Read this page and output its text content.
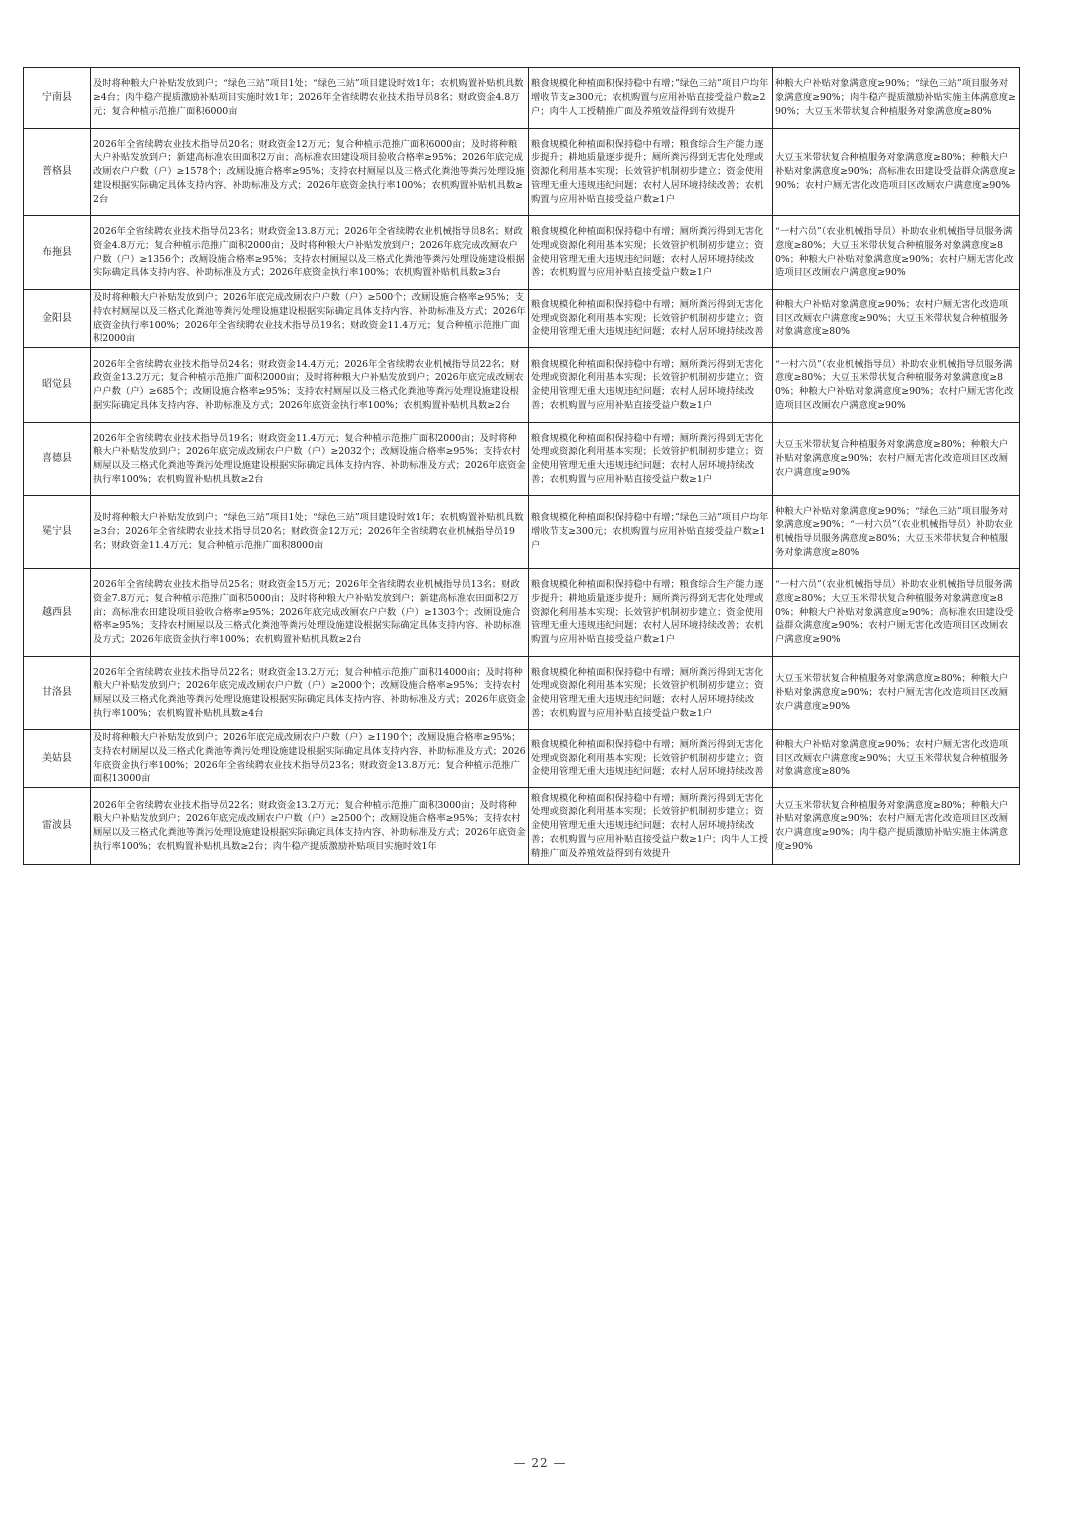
宁南县	及时将种粮大户补贴发放到户；“绿色三站”项目1处；“绿色三站”项目建设时效1年；农机购置补贴机具数≥4台；肉牛稳产提质激励补贴项目实施时效1年；2026年全省续聘农业技术指导员8名；财政资金4.8万元；复合种植示范推广面积6000亩	粮食规模化种植面积保持稳中有增；”绿色三站”项目户均年增收节支≥300元；农机购置与应用补贴直接受益户数≥2户；肉牛人工授精推广面及养殖效益得到有效提升	种粮大户补贴对象满意度≥90%；“绿色三站”项目服务对象满意度≥90%；肉牛稳产提质激励补贴实施主体满意度≥90%；大豆玉米带状复合种植服务对象满意度≥80%
普格县	2026年全省续聘农业技术指导员20名；财政资金12万元；复合种植示范推广面积6000亩；及时将种粮大户补贴发放到户；新建高标准农田面积2万亩；高标准农田建设项目验收合格率≥95%；2026年底完成改厕农户户数（户）≥1578个；改厕设施合格率≥95%；支持农村厕屋以及三格式化粪池等粪污处理设施建设根据实际确定具体支持内容、补助标准及方式；2026年底资金执行率100%；农机购置补贴机具数≥2台	粮食规模化种植面积保持稳中有增；粮食综合生产能力逐步提升；耕地质量逐步提升；厕所粪污得到无害化处理或资源化利用基本实现；长效管护机制初步建立；资金使用管理无重大违规违纪问题；农村人居环境持续改善；农机购置与应用补贴直接受益户数≥1户	大豆玉米带状复合种植服务对象满意度≥80%；种粮大户补贴对象满意度≥90%；高标准农田建设受益群众满意度≥90%；农村户厕无害化改造项目区改厕农户满意度≥90%
布拖县	2026年全省续聘农业技术指导员23名；财政资金13.8万元；2026年全省续聘农业机械指导员8名；财政资金4.8万元；复合种植示范推广面积2000亩；及时将种粮大户补贴发放到户；2026年底完成改厕农户户数（户）≥1356个；改厕设施合格率≥95%；支持农村厕屋以及三格式化粪池等粪污处理设施建设根据实际确定具体支持内容、补助标准及方式；2026年底资金执行率100%；农机购置补贴机具数≥3台	粮食规模化种植面积保持稳中有增；厕所粪污得到无害化处理或资源化利用基本实现；长效管护机制初步建立；资金使用管理无重大违规违纪问题；农村人居环境持续改善；农机购置与应用补贴直接受益户数≥1户	“一村六员”（农业机械指导员）补助农业机械指导员服务满意度≥80%；大豆玉米带状复合种植服务对象满意度≥80%；种粮大户补贴对象满意度≥90%；农村户厕无害化改造项目区改厕农户满意度≥90%
金阳县	及时将种粮大户补贴发放到户；2026年底完成改厕农户户数（户）≥500个；改厕设施合格率≥95%；支持农村厕屋以及三格式化粪池等粪污处理设施建设根据实际确定具体支持内容、补助标准及方式；2026年底资金执行率100%；2026年全省续聘农业技术指导员19名；财政资金11.4万元；复合种植示范推广面积2000亩	粮食规模化种植面积保持稳中有增；厕所粪污得到无害化处理或资源化利用基本实现；长效管护机制初步建立；资金使用管理无重大违规违纪问题；农村人居环境持续改善	种粮大户补贴对象满意度≥90%；农村户厕无害化改造项目区改厕农户满意度≥90%；大豆玉米带状复合种植服务对象满意度≥80%
昭觉县	2026年全省续聘农业技术指导员24名；财政资金14.4万元；2026年全省续聘农业机械指导员22名；财政资金13.2万元；复合种植示范推广面积2000亩；及时将种粮大户补贴发放到户；2026年底完成改厕农户户数（户）≥685个；改厕设施合格率≥95%；支持农村厕屋以及三格式化粪池等粪污处理设施建设根据实际确定具体支持内容、补助标准及方式；2026年底资金执行率100%；农机购置补贴机具数≥2台	粮食规模化种植面积保持稳中有增；厕所粪污得到无害化处理或资源化利用基本实现；长效管护机制初步建立；资金使用管理无重大违规违纪问题；农村人居环境持续改善；农机购置与应用补贴直接受益户数≥1户	“一村六员”（农业机械指导员）补助农业机械指导员服务满意度≥80%；大豆玉米带状复合种植服务对象满意度≥80%；种粮大户补贴对象满意度≥90%；农村户厕无害化改造项目区改厕农户满意度≥90%
喜德县	2026年全省续聘农业技术指导员19名；财政资金11.4万元；复合种植示范推广面积2000亩；及时将种粮大户补贴发放到户；2026年底完成改厕农户户数（户）≥2032个；改厕设施合格率≥95%；支持农村厕屋以及三格式化粪池等粪污处理设施建设根据实际确定具体支持内容、补助标准及方式；2026年底资金执行率100%；农机购置补贴机具数≥2台	粮食规模化种植面积保持稳中有增；厕所粪污得到无害化处理或资源化利用基本实现；长效管护机制初步建立；资金使用管理无重大违规违纪问题；农村人居环境持续改善；农机购置与应用补贴直接受益户数≥1户	大豆玉米带状复合种植服务对象满意度≥80%；种粮大户补贴对象满意度≥90%；农村户厕无害化改造项目区改厕农户满意度≥90%
冕宁县	及时将种粮大户补贴发放到户；“绿色三站”项目1处；“绿色三站”项目建设时效1年；农机购置补贴机具数≥3台；2026年全省续聘农业技术指导员20名；财政资金12万元；2026年全省续聘农业机械指导员19名；财政资金11.4万元；复合种植示范推广面积8000亩	粮食规模化种植面积保持稳中有增；”绿色三站”项目户均年增收节支≥300元；农机购置与应用补贴直接受益户数≥1户	种粮大户补贴对象满意度≥90%；“绿色三站”项目服务对象满意度≥90%；“一村六员”（农业机械指导员）补助农业机械指导员服务满意度≥80%；大豆玉米带状复合种植服务对象满意度≥80%
越西县	2026年全省续聘农业技术指导员25名；财政资金15万元；2026年全省续聘农业机械指导员13名；财政资金7.8万元；复合种植示范推广面积5000亩；及时将种粮大户补贴发放到户；新建高标准农田面积2万亩；高标准农田建设项目验收合格率≥95%；2026年底完成改厕农户户数（户）≥1303个；改厕设施合格率≥95%；支持农村厕屋以及三格式化粪池等粪污处理设施建设根据实际确定具体支持内容、补助标准及方式；2026年底资金执行率100%；农机购置补贴机具数≥2台	粮食规模化种植面积保持稳中有增；粮食综合生产能力逐步提升；耕地质量逐步提升；厕所粪污得到无害化处理或资源化利用基本实现；长效管护机制初步建立；资金使用管理无重大违规违纪问题；农村人居环境持续改善；农机购置与应用补贴直接受益户数≥1户	“一村六员”（农业机械指导员）补助农业机械指导员服务满意度≥80%；大豆玉米带状复合种植服务对象满意度≥80%；种粮大户补贴对象满意度≥90%；高标准农田建设受益群众满意度≥90%；农村户厕无害化改造项目区改厕农户满意度≥90%
甘洛县	2026年全省续聘农业技术指导员22名；财政资金13.2万元；复合种植示范推广面积14000亩；及时将种粮大户补贴发放到户；2026年底完成改厕农户户数（户）≥2000个；改厕设施合格率≥95%；支持农村厕屋以及三格式化粪池等粪污处理设施建设根据实际确定具体支持内容、补助标准及方式；2026年底资金执行率100%；农机购置补贴机具数≥4台	粮食规模化种植面积保持稳中有增；厕所粪污得到无害化处理或资源化利用基本实现；长效管护机制初步建立；资金使用管理无重大违规违纪问题；农村人居环境持续改善；农机购置与应用补贴直接受益户数≥1户	大豆玉米带状复合种植服务对象满意度≥80%；种粮大户补贴对象满意度≥90%；农村户厕无害化改造项目区改厕农户满意度≥90%
美姑县	及时将种粮大户补贴发放到户；2026年底完成改厕农户户数（户）≥1190个；改厕设施合格率≥95%；支持农村厕屋以及三格式化粪池等粪污处理设施建设根据实际确定具体支持内容、补助标准及方式；2026年底资金执行率100%；2026年全省续聘农业技术指导员23名；财政资金13.8万元；复合种植示范推广面积13000亩	粮食规模化种植面积保持稳中有增；厕所粪污得到无害化处理或资源化利用基本实现；长效管护机制初步建立；资金使用管理无重大违规违纪问题；农村人居环境持续改善	种粮大户补贴对象满意度≥90%；农村户厕无害化改造项目区改厕农户满意度≥90%；大豆玉米带状复合种植服务对象满意度≥80%
雷波县	2026年全省续聘农业技术指导员22名；财政资金13.2万元；复合种植示范推广面积3000亩；及时将种粮大户补贴发放到户；2026年底完成改厕农户户数（户）≥2500个；改厕设施合格率≥95%；支持农村厕屋以及三格式化粪池等粪污处理设施建设根据实际确定具体支持内容、补助标准及方式；2026年底资金执行率100%；农机购置补贴机具数≥2台；肉牛稳产提质激励补贴项目实施时效1年	粮食规模化种植面积保持稳中有增；厕所粪污得到无害化处理或资源化利用基本实现；长效管护机制初步建立；资金使用管理无重大违规违纪问题；农村人居环境持续改善；农机购置与应用补贴直接受益户数≥1户；肉牛人工授精推广面及养殖效益得到有效提升	大豆玉米带状复合种植服务对象满意度≥80%；种粮大户补贴对象满意度≥90%；农村户厕无害化改造项目区改厕农户满意度≥90%；肉牛稳产提质激励补贴实施主体满意度≥90%
— 22 —
